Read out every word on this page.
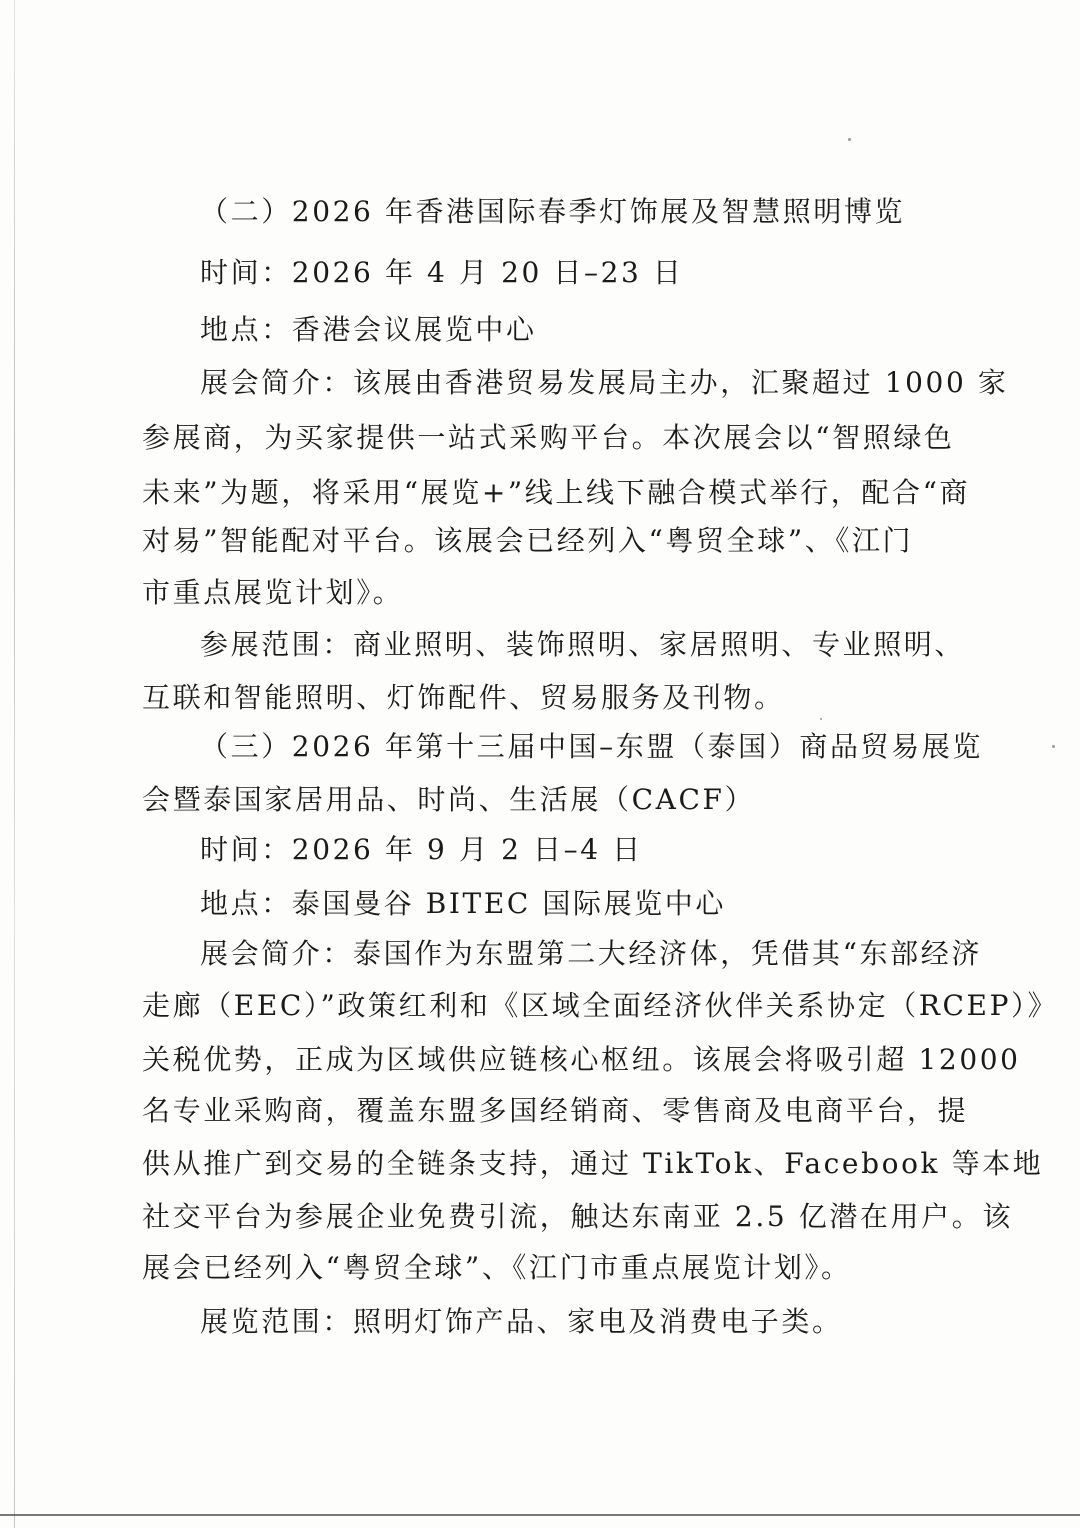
（二）2026 年香港国际春季灯饰展及智慧照明博览
时间：2026 年 4 月 20 日–23 日
地点：香港会议展览中心
展会简介：该展由香港贸易发展局主办，汇聚超过 1000 家
参展商，为买家提供一站式采购平台。本次展会以“智照绿色
未来”为题，将采用“展览+”线上线下融合模式举行，配合“商
对易”智能配对平台。该展会已经列入“粤贸全球”、《江门
市重点展览计划》。
参展范围：商业照明、装饰照明、家居照明、专业照明、
互联和智能照明、灯饰配件、贸易服务及刊物。
（三）2026 年第十三届中国–东盟（泰国）商品贸易展览
会暨泰国家居用品、时尚、生活展（CACF）
时间：2026 年 9 月 2 日–4 日
地点：泰国曼谷 BITEC 国际展览中心
展会简介：泰国作为东盟第二大经济体，凭借其“东部经济
走廊（EEC）”政策红利和《区域全面经济伙伴关系协定（RCEP）》
关税优势，正成为区域供应链核心枢纽。该展会将吸引超 12000
名专业采购商，覆盖东盟多国经销商、零售商及电商平台，提
供从推广到交易的全链条支持，通过 TikTok、Facebook 等本地
社交平台为参展企业免费引流，触达东南亚 2.5 亿潜在用户。该
展会已经列入“粤贸全球”、《江门市重点展览计划》。
展览范围：照明灯饰产品、家电及消费电子类。
